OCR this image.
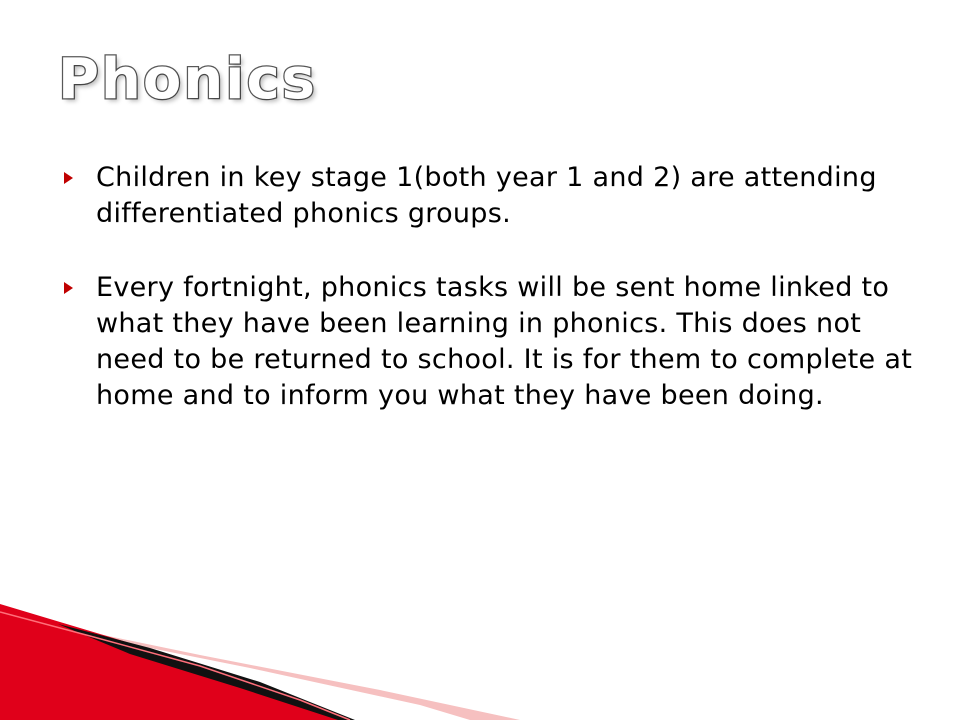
Phonics
Children in key stage 1(both year 1 and 2) are attending differentiated phonics groups.
Every fortnight, phonics tasks will be sent home linked to what they have been learning in phonics. This does not need to be returned to school. It is for them to complete at home and to inform you what they have been doing.
